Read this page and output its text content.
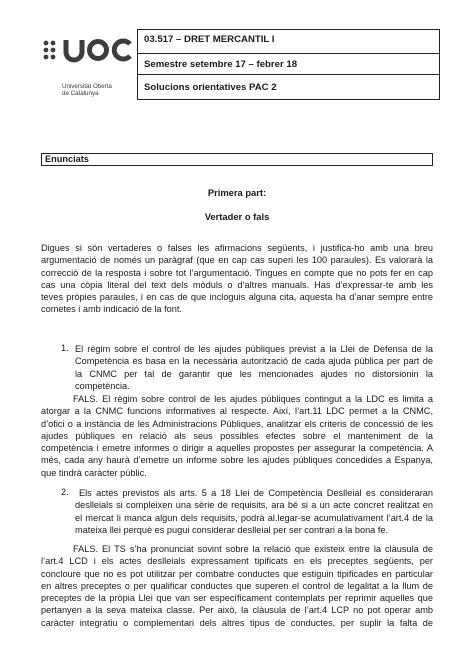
Universitat Oberta
de Catalunya
03.517 – DRET MERCANTIL I
Semestre setembre 17 – febrer 18
Solucions orientatives PAC 2
Enunciats
Primera part:
Vertader o fals
Digues si són vertaderes o falses les afirmacions següents, i justifica-ho amb una breu
argumentació de només un paràgraf (que en cap cas superi les 100 paraules). Es valorarà la
correcció de la resposta i sobre tot l’argumentació. Tingues en compte que no pots fer en cap
cas una còpia literal del text dels mòduls o d’altres manuals. Has d’expressar-te amb les
teves pròpies paraules, i en cas de que incloguis alguna cita, aquesta ha d’anar sempre entre
cometes i amb indicació de la font.
1. El règim sobre el control de les ajudes públiques previst a la Llei de Defensa de la
Competència es basa en la necessària autorització de cada ajuda pública per part de
la CNMC per tal de garantir que les mencionades ajudes no distorsionin la
competència.
FALS. El règim sobre control de les ajudes públiques contingut a la LDC es limita a
atorgar a la CNMC funcions informatives al respecte. Així, l’art.11 LDC permet a la CNMC,
d’ofici o a instància de les Administracions Públiques, analitzar els criteris de concessió de les
ajudes públiques en relació als seus possibles efectes sobre el manteniment de la
competència i emetre informes o dirigir a aquelles propostes per assegurar la competència. A
més, cada any haurà d’emetre un informe sobre les ajudes públiques concedides a Espanya,
que tindrà caràcter públic.
2.	Els actes previstos als arts. 5 a 18 Llei de Competència Deslleial es consideraran
deslleials si compleixen una sèrie de requisits, ara bé si a un acte concret realitzat en
el mercat li manca algun dels requisits, podrà al.legar-se acumulativament l’art.4 de la
mateixa llei perquè es pugui considerar deslleial per ser contrari a la bona fe.
FALS. El TS s’ha pronunciat sovint sobre la relació que existeix entre la clàusula de
l’art.4 LCD i els actes deslleials expressament tipificats en els preceptes següents, per
concloure que no es pot utilitzar per combatre conductes que estiguin tipificades en particular
en altres preceptes o per qualificar conductes que superen el control de legalitat a la llum de
preceptes de la pròpia Llei que van ser específicament contemplats per reprimir aquelles que
pertanyen a la seva mateixa classe. Per això, la clàusula de l’art.4 LCP no pot operar amb
caràcter integratiu o complementari dels altres tipus de conductes, per suplir la falta de
